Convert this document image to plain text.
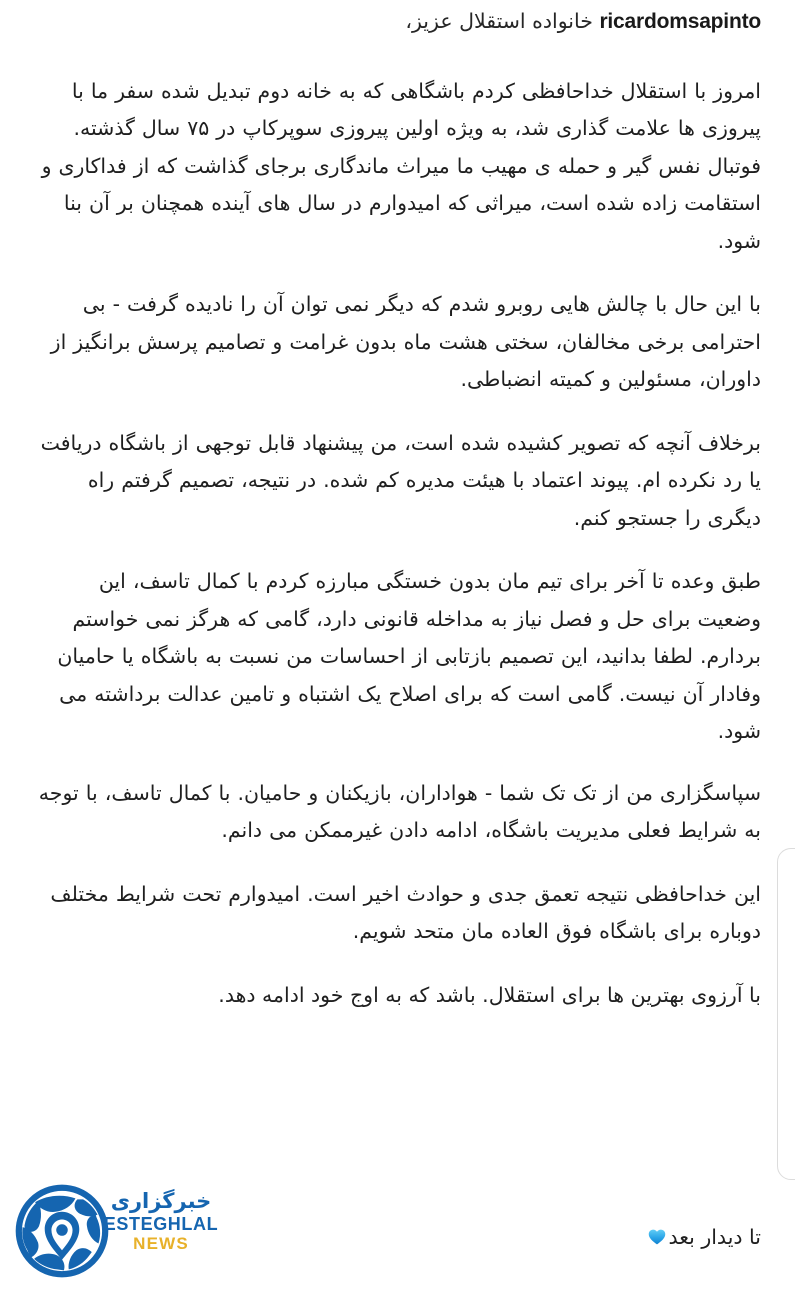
ricardomsapinto خانواده استقلال عزیز،

امروز با استقلال خداحافظی کردم باشگاهی که به خانه دوم تبدیل شده سفر ما با پیروزی ها علامت گذاری شد، به ویژه اولین پیروزی سوپرکاپ در ۷۵ سال گذشته. فوتبال نفس گیر و حمله ی مهیب ما میراث ماندگاری برجای گذاشت که از فداکاری و استقامت زاده شده است، میراثی که امیدوارم در سال های آینده همچنان بر آن بنا شود.

با این حال با چالش هایی روبرو شدم که دیگر نمی توان آن را نادیده گرفت - بی احترامی برخی مخالفان، سختی هشت ماه بدون غرامت و تصامیم پرسش برانگیز از داوران، مسئولین و کمیته انضباطی.

برخلاف آنچه که تصویر کشیده شده است، من پیشنهاد قابل توجهی از باشگاه دریافت یا رد نکرده ام. پیوند اعتماد با هیئت مدیره کم شده. در نتیجه، تصمیم گرفتم راه دیگری را جستجو کنم.

طبق وعده تا آخر برای تیم مان بدون خستگی مبارزه کردم با کمال تاسف، این وضعیت برای حل و فصل نیاز به مداخله قانونی دارد، گامی که هرگز نمی خواستم بردارم. لطفا بدانید، این تصمیم بازتابی از احساسات من نسبت به باشگاه یا حامیان وفادار آن نیست. گامی است که برای اصلاح یک اشتباه و تامین عدالت برداشته می شود.

سپاسگزاری من از تک تک شما - هواداران، بازیکنان و حامیان. با کمال تاسف، با توجه به شرایط فعلی مدیریت باشگاه، ادامه دادن غیرممکن می دانم.

این خداحافظی نتیجه تعمق جدی و حوادث اخیر است. امیدوارم تحت شرایط مختلف دوباره برای باشگاه فوق العاده مان متحد شویم.

با آرزوی بهترین ها برای استقلال. باشد که به اوج خود ادامه دهد.

تا دیدار بعد
خبرگزاری
ESTEGHLAL
NEWS
